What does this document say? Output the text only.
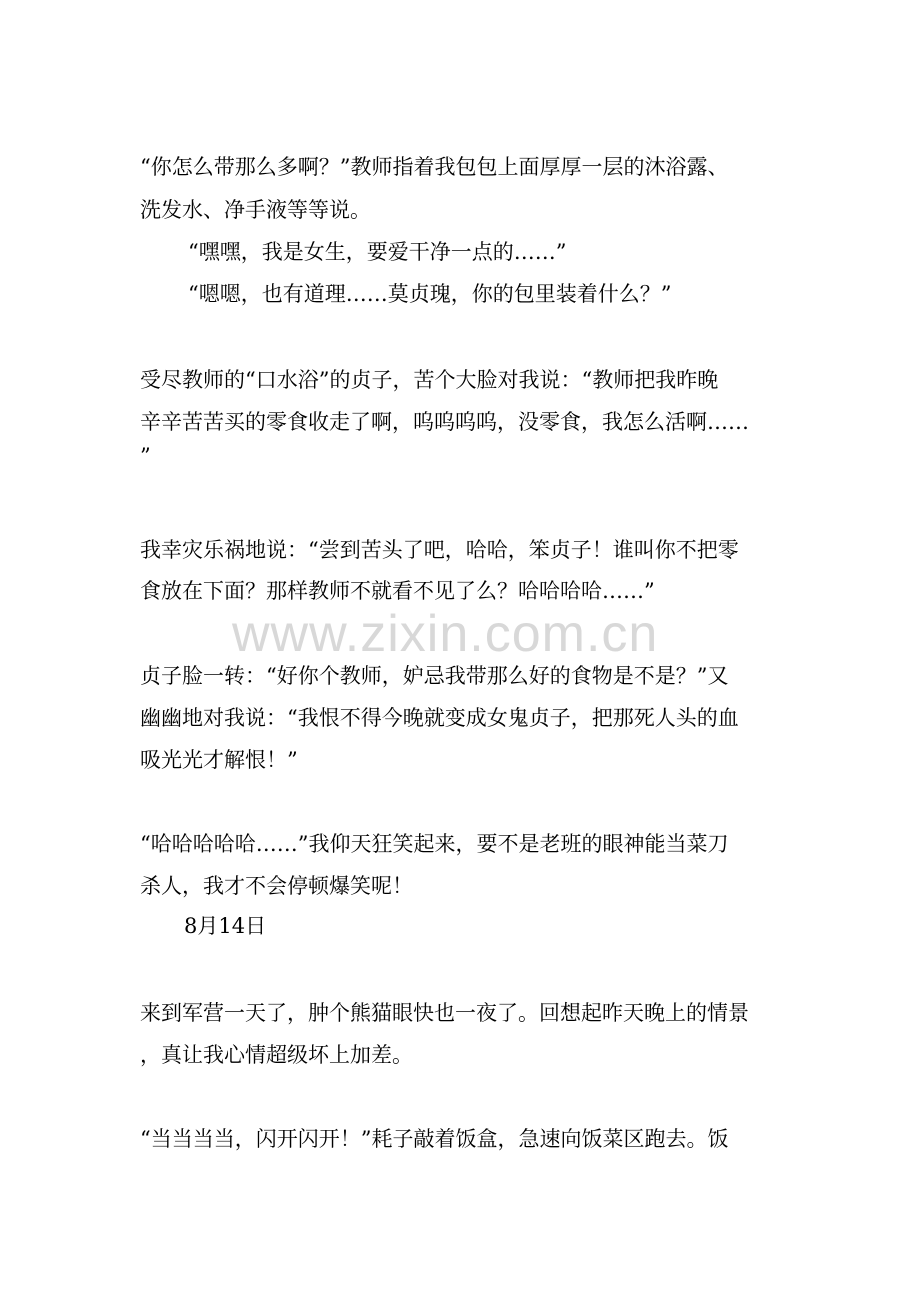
“你怎么带那么多啊？”教师指着我包包上面厚厚一层的沐浴露、
洗发水、净手液等等说。
“嘿嘿，我是女生，要爱干净一点的……”
“嗯嗯，也有道理……莫贞瑰，你的包里装着什么？”
受尽教师的“口水浴”的贞子，苦个大脸对我说：“教师把我昨晚
辛辛苦苦买的零食收走了啊，呜呜呜呜，没零食，我怎么活啊……
”
我幸灾乐祸地说：“尝到苦头了吧，哈哈，笨贞子！谁叫你不把零
食放在下面？那样教师不就看不见了么？哈哈哈哈……”
贞子脸一转：“好你个教师，妒忌我带那么好的食物是不是？”又
幽幽地对我说：“我恨不得今晚就变成女鬼贞子，把那死人头的血
吸光光才解恨！”
“哈哈哈哈哈……”我仰天狂笑起来，要不是老班的眼神能当菜刀
杀人，我才不会停顿爆笑呢！
8月14日
来到军营一天了，肿个熊猫眼快也一夜了。回想起昨天晚上的情景
，真让我心情超级坏上加差。
“当当当当，闪开闪开！”耗子敲着饭盒，急速向饭菜区跑去。饭
www.zixin.com.cn
